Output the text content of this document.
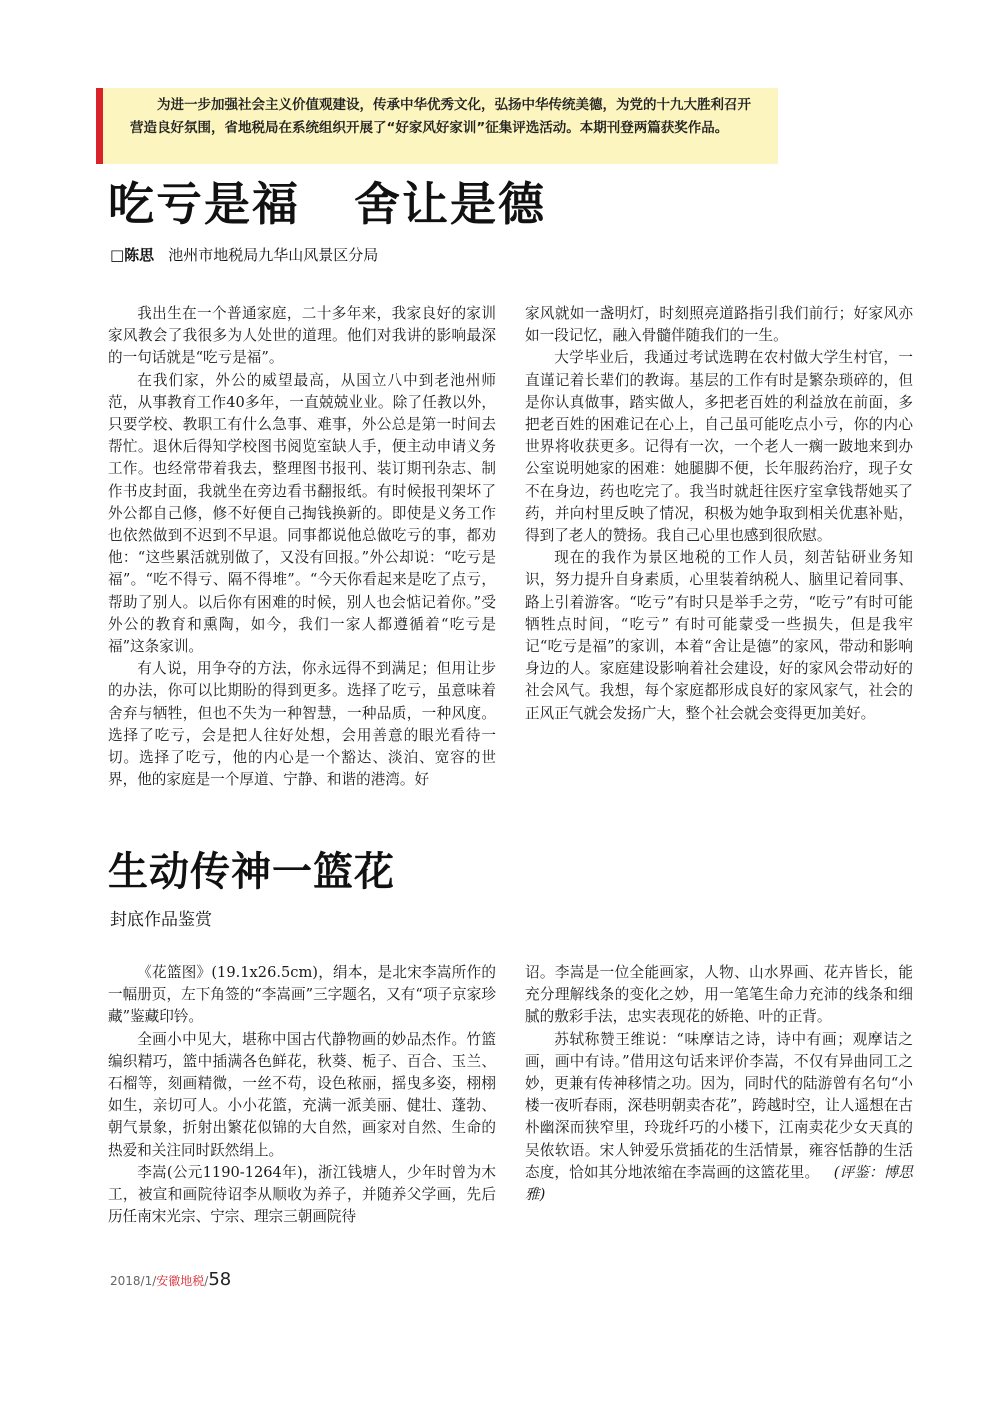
为进一步加强社会主义价值观建设，传承中华优秀文化，弘扬中华传统美德，为党的十九大胜利召开营造良好氛围，省地税局在系统组织开展了“好家风好家训”征集评选活动。本期刊登两篇获奖作品。

吃亏是福   舍让是德
□陈思 池州市地税局九华山风景区分局

我出生在一个普通家庭，二十多年来，我家良好的家训家风教会了我很多为人处世的道理。他们对我讲的影响最深的一句话就是“吃亏是福”。

在我们家，外公的威望最高，从国立八中到老池州师范，从事教育工作40多年，一直兢兢业业。除了任教以外，只要学校、教职工有什么急事、难事，外公总是第一时间去帮忙。退休后得知学校图书阅览室缺人手，便主动申请义务工作。也经常带着我去，整理图书报刊、装订期刊杂志、制作书皮封面，我就坐在旁边看书翻报纸。有时候报刊架坏了外公都自己修，修不好便自己掏钱换新的。即使是义务工作也依然做到不迟到不早退。同事都说他总做吃亏的事，都劝他：“这些累活就别做了，又没有回报。”外公却说：“吃亏是福”。“吃不得亏、隔不得堆”。“今天你看起来是吃了点亏，帮助了别人。以后你有困难的时候，别人也会惦记着你。”受外公的教育和熏陶，如今，我们一家人都遵循着“吃亏是福”这条家训。

有人说，用争夺的方法，你永远得不到满足；但用让步的办法，你可以比期盼的得到更多。选择了吃亏，虽意味着舍弃与牺牲，但也不失为一种智慧，一种品质，一种风度。选择了吃亏，会是把人往好处想，会用善意的眼光看待一切。选择了吃亏，他的内心是一个豁达、淡泊、宽容的世界，他的家庭是一个厚道、宁静、和谐的港湾。好

家风就如一盏明灯，时刻照亮道路指引我们前行；好家风亦如一段记忆，融入骨髓伴随我们的一生。

大学毕业后，我通过考试选聘在农村做大学生村官，一直谨记着长辈们的教诲。基层的工作有时是繁杂琐碎的，但是你认真做事，踏实做人，多把老百姓的利益放在前面，多把老百姓的困难记在心上，自己虽可能吃点小亏，你的内心世界将收获更多。记得有一次，一个老人一瘸一跛地来到办公室说明她家的困难：她腿脚不便，长年服药治疗，现子女不在身边，药也吃完了。我当时就赶往医疗室拿钱帮她买了药，并向村里反映了情况，积极为她争取到相关优惠补贴，得到了老人的赞扬。我自己心里也感到很欣慰。

现在的我作为景区地税的工作人员，刻苦钻研业务知识，努力提升自身素质，心里装着纳税人、脑里记着同事、路上引着游客。“吃亏”有时只是举手之劳，“吃亏”有时可能牺牲点时间，“吃亏” 有时可能蒙受一些损失，但是我牢记“吃亏是福”的家训，本着“舍让是德”的家风，带动和影响身边的人。家庭建设影响着社会建设，好的家风会带动好的社会风气。我想，每个家庭都形成良好的家风家气，社会的正风正气就会发扬广大，整个社会就会变得更加美好。

生动传神一篮花
封底作品鉴赏

《花篮图》(19.1x26.5cm)，绢本，是北宋李嵩所作的一幅册页，左下角签的“李嵩画”三字题名，又有“项子京家珍藏”鉴藏印钤。

全画小中见大，堪称中国古代静物画的妙品杰作。竹篮编织精巧，篮中插满各色鲜花，秋葵、栀子、百合、玉兰、石榴等，刻画精微，一丝不苟，设色秾丽，摇曳多姿，栩栩如生，亲切可人。小小花篮，充满一派美丽、健壮、蓬勃、朝气景象，折射出繁花似锦的大自然，画家对自然、生命的热爱和关注同时跃然绢上。

李嵩(公元1190-1264年)，浙江钱塘人，少年时曾为木工，被宣和画院待诏李从顺收为养子，并随养父学画，先后历任南宋光宗、宁宗、理宗三朝画院待

诏。李嵩是一位全能画家，人物、山水界画、花卉皆长，能充分理解线条的变化之妙，用一笔笔生命力充沛的线条和细腻的敷彩手法，忠实表现花的娇艳、叶的正背。

苏轼称赞王维说：“味摩诘之诗，诗中有画；观摩诘之画，画中有诗。”借用这句话来评价李嵩，不仅有异曲同工之妙，更兼有传神移情之功。因为，同时代的陆游曾有名句“小楼一夜听春雨，深巷明朝卖杏花”，跨越时空，让人遥想在古朴幽深而狭窄里，玲珑纤巧的小楼下，江南卖花少女天真的吴侬软语。宋人钟爱乐赏插花的生活情景，雍容恬静的生活态度，恰如其分地浓缩在李嵩画的这篮花里。 (评鉴：博思雅)

2018/1/安徽地税/58
